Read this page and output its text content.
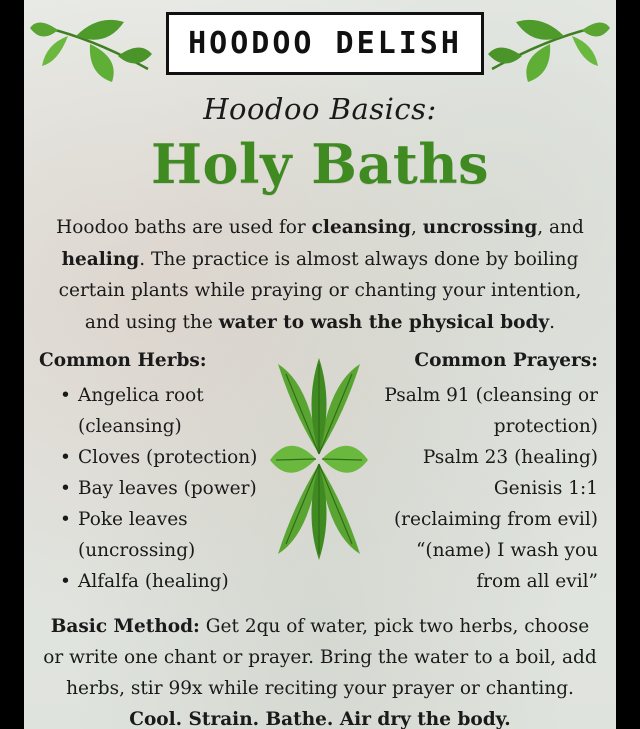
HOODOO DELISH
Hoodoo Basics:
Holy Baths
Hoodoo baths are used for cleansing, uncrossing, and healing. The practice is almost always done by boiling certain plants while praying or chanting your intention, and using the water to wash the physical body.
Common Herbs:	Common Prayers:
• Angelica root (cleansing)
• Cloves (protection)
• Bay leaves (power)
• Poke leaves (uncrossing)
• Alfalfa (healing)
Psalm 91 (cleansing or protection)
Psalm 23 (healing)
Genisis 1:1 (reclaiming from evil)
“(name) I wash you from all evil”
Basic Method: Get 2qu of water, pick two herbs, choose or write one chant or prayer. Bring the water to a boil, add herbs, stir 99x while reciting your prayer or chanting. Cool. Strain. Bathe. Air dry the body.
